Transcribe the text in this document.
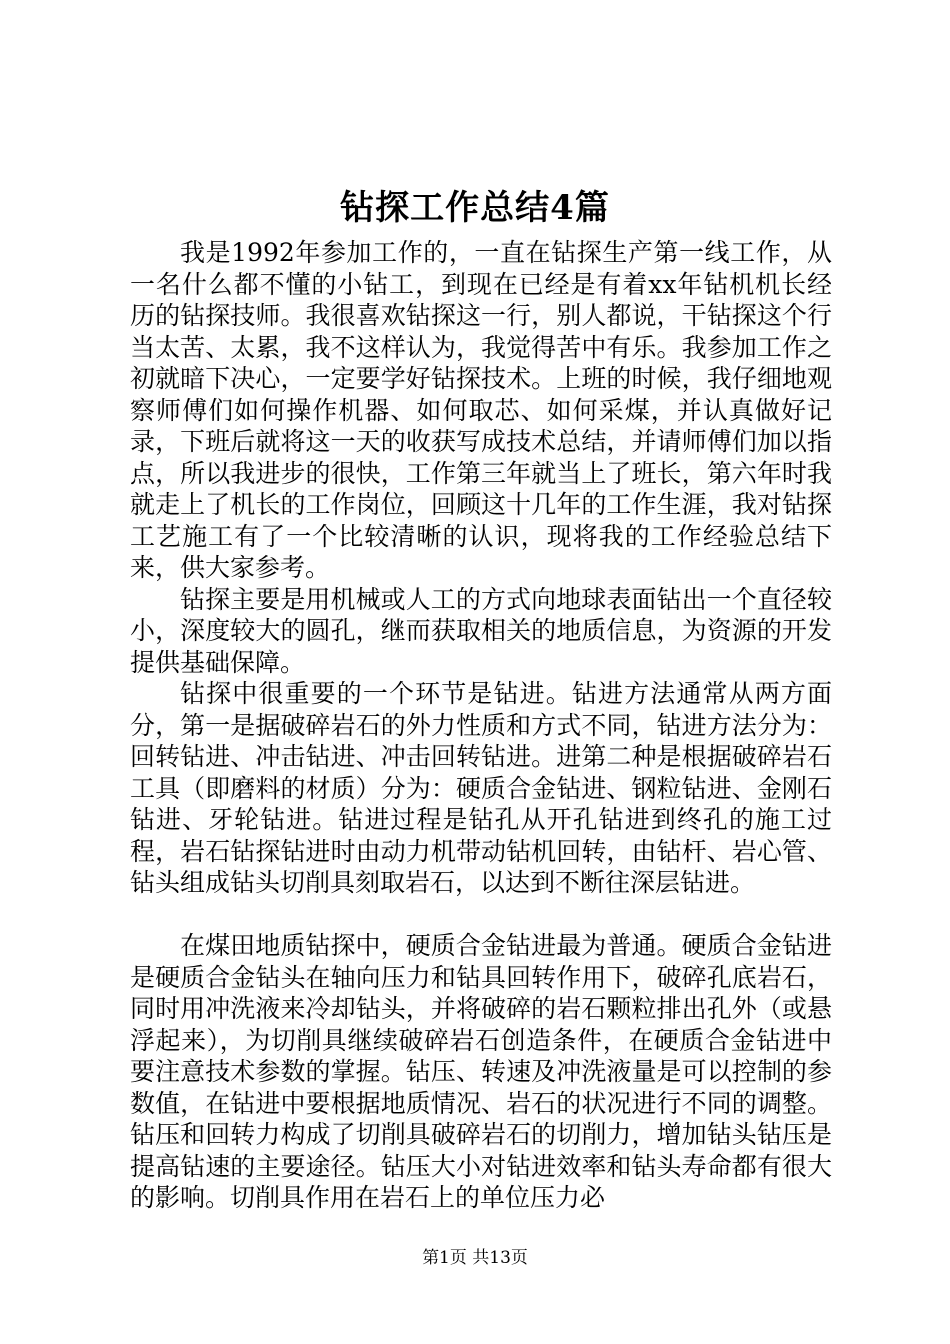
钻探工作总结4篇

我是1992年参加工作的，一直在钻探生产第一线工作，从一名什么都不懂的小钻工，到现在已经是有着xx年钻机机长经历的钻探技师。我很喜欢钻探这一行，别人都说，干钻探这个行当太苦、太累，我不这样认为，我觉得苦中有乐。我参加工作之初就暗下决心，一定要学好钻探技术。上班的时候，我仔细地观察师傅们如何操作机器、如何取芯、如何采煤，并认真做好记录，下班后就将这一天的收获写成技术总结，并请师傅们加以指点，所以我进步的很快，工作第三年就当上了班长，第六年时我就走上了机长的工作岗位，回顾这十几年的工作生涯，我对钻探工艺施工有了一个比较清晰的认识，现将我的工作经验总结下来，供大家参考。

钻探主要是用机械或人工的方式向地球表面钻出一个直径较小，深度较大的圆孔，继而获取相关的地质信息，为资源的开发提供基础保障。

钻探中很重要的一个环节是钻进。钻进方法通常从两方面分，第一是据破碎岩石的外力性质和方式不同，钻进方法分为：回转钻进、冲击钻进、冲击回转钻进。进第二种是根据破碎岩石工具（即磨料的材质）分为：硬质合金钻进、钢粒钻进、金刚石钻进、牙轮钻进。钻进过程是钻孔从开孔钻进到终孔的施工过程，岩石钻探钻进时由动力机带动钻机回转，由钻杆、岩心管、钻头组成钻头切削具刻取岩石，以达到不断往深层钻进。

在煤田地质钻探中，硬质合金钻进最为普通。硬质合金钻进是硬质合金钻头在轴向压力和钻具回转作用下，破碎孔底岩石，同时用冲洗液来冷却钻头，并将破碎的岩石颗粒排出孔外（或悬浮起来），为切削具继续破碎岩石创造条件，在硬质合金钻进中要注意技术参数的掌握。钻压、转速及冲洗液量是可以控制的参数值，在钻进中要根据地质情况、岩石的状况进行不同的调整。钻压和回转力构成了切削具破碎岩石的切削力，增加钻头钻压是提高钻速的主要途径。钻压大小对钻进效率和钻头寿命都有很大的影响。切削具作用在岩石上的单位压力必

第1页 共13页
